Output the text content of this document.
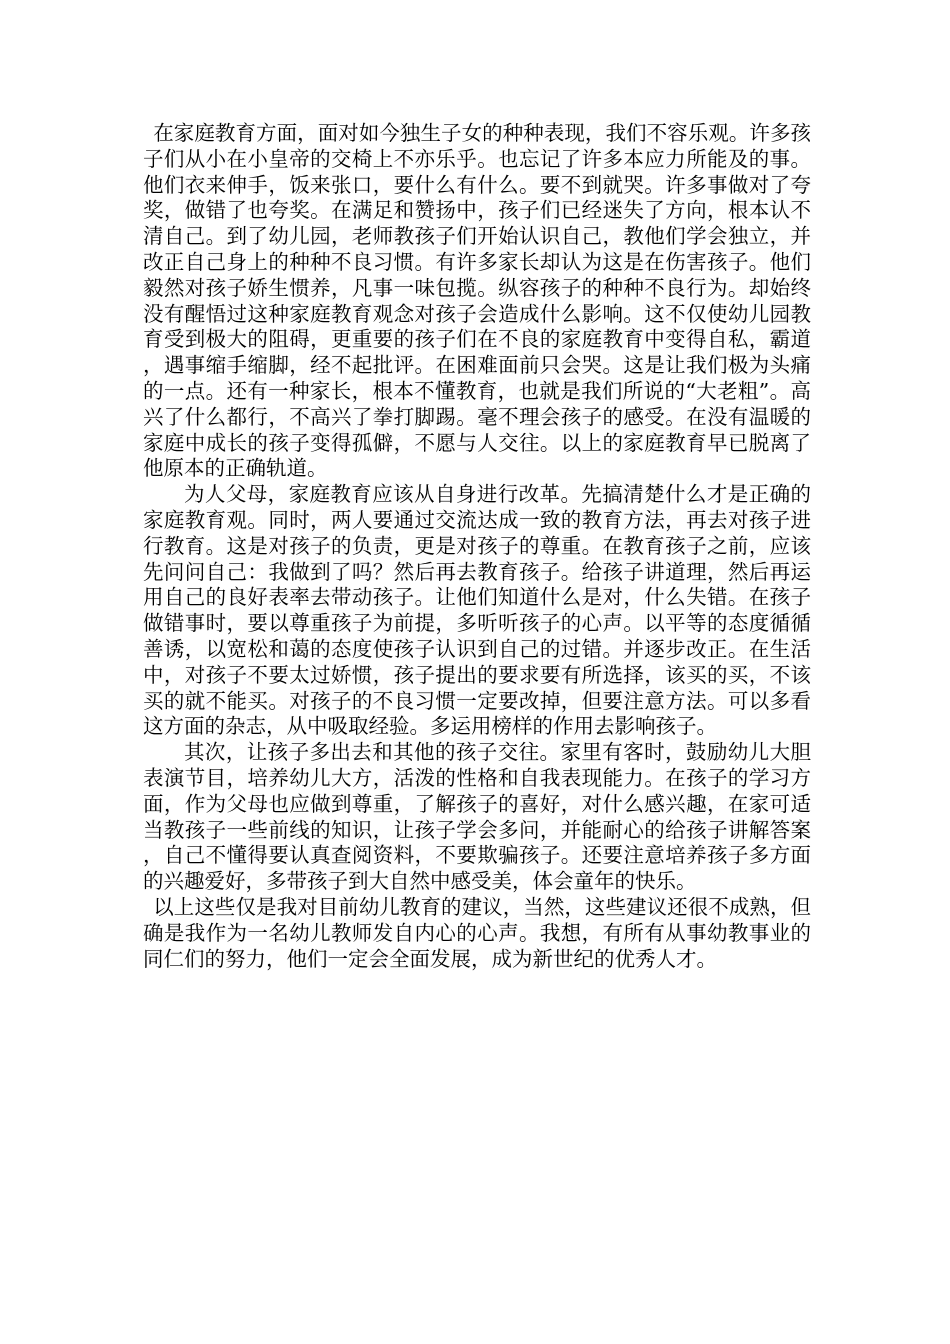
在家庭教育方面，面对如今独生子女的种种表现，我们不容乐观。许多孩子们从小在小皇帝的交椅上不亦乐乎。也忘记了许多本应力所能及的事。他们衣来伸手，饭来张口，要什么有什么。要不到就哭。许多事做对了夸奖，做错了也夸奖。在满足和赞扬中，孩子们已经迷失了方向，根本认不清自己。到了幼儿园，老师教孩子们开始认识自己，教他们学会独立，并改正自己身上的种种不良习惯。有许多家长却认为这是在伤害孩子。他们毅然对孩子娇生惯养，凡事一味包揽。纵容孩子的种种不良行为。却始终没有醒悟过这种家庭教育观念对孩子会造成什么影响。这不仅使幼儿园教育受到极大的阻碍，更重要的孩子们在不良的家庭教育中变得自私，霸道，遇事缩手缩脚，经不起批评。在困难面前只会哭。这是让我们极为头痛的一点。还有一种家长，根本不懂教育，也就是我们所说的“大老粗”。高兴了什么都行，不高兴了拳打脚踢。毫不理会孩子的感受。在没有温暖的家庭中成长的孩子变得孤僻，不愿与人交往。以上的家庭教育早已脱离了他原本的正确轨道。

为人父母，家庭教育应该从自身进行改革。先搞清楚什么才是正确的家庭教育观。同时，两人要通过交流达成一致的教育方法，再去对孩子进行教育。这是对孩子的负责，更是对孩子的尊重。在教育孩子之前，应该先问问自己：我做到了吗？然后再去教育孩子。给孩子讲道理，然后再运用自己的良好表率去带动孩子。让他们知道什么是对，什么失错。在孩子做错事时，要以尊重孩子为前提，多听听孩子的心声。以平等的态度循循善诱，以宽松和蔼的态度使孩子认识到自己的过错。并逐步改正。在生活中，对孩子不要太过娇惯，孩子提出的要求要有所选择，该买的买，不该买的就不能买。对孩子的不良习惯一定要改掉，但要注意方法。可以多看这方面的杂志，从中吸取经验。多运用榜样的作用去影响孩子。

其次，让孩子多出去和其他的孩子交往。家里有客时，鼓励幼儿大胆表演节目，培养幼儿大方，活泼的性格和自我表现能力。在孩子的学习方面，作为父母也应做到尊重，了解孩子的喜好，对什么感兴趣，在家可适当教孩子一些前线的知识，让孩子学会多问，并能耐心的给孩子讲解答案，自己不懂得要认真查阅资料，不要欺骗孩子。还要注意培养孩子多方面的兴趣爱好，多带孩子到大自然中感受美，体会童年的快乐。

以上这些仅是我对目前幼儿教育的建议，当然，这些建议还很不成熟，但确是我作为一名幼儿教师发自内心的心声。我想，有所有从事幼教事业的同仁们的努力，他们一定会全面发展，成为新世纪的优秀人才。
